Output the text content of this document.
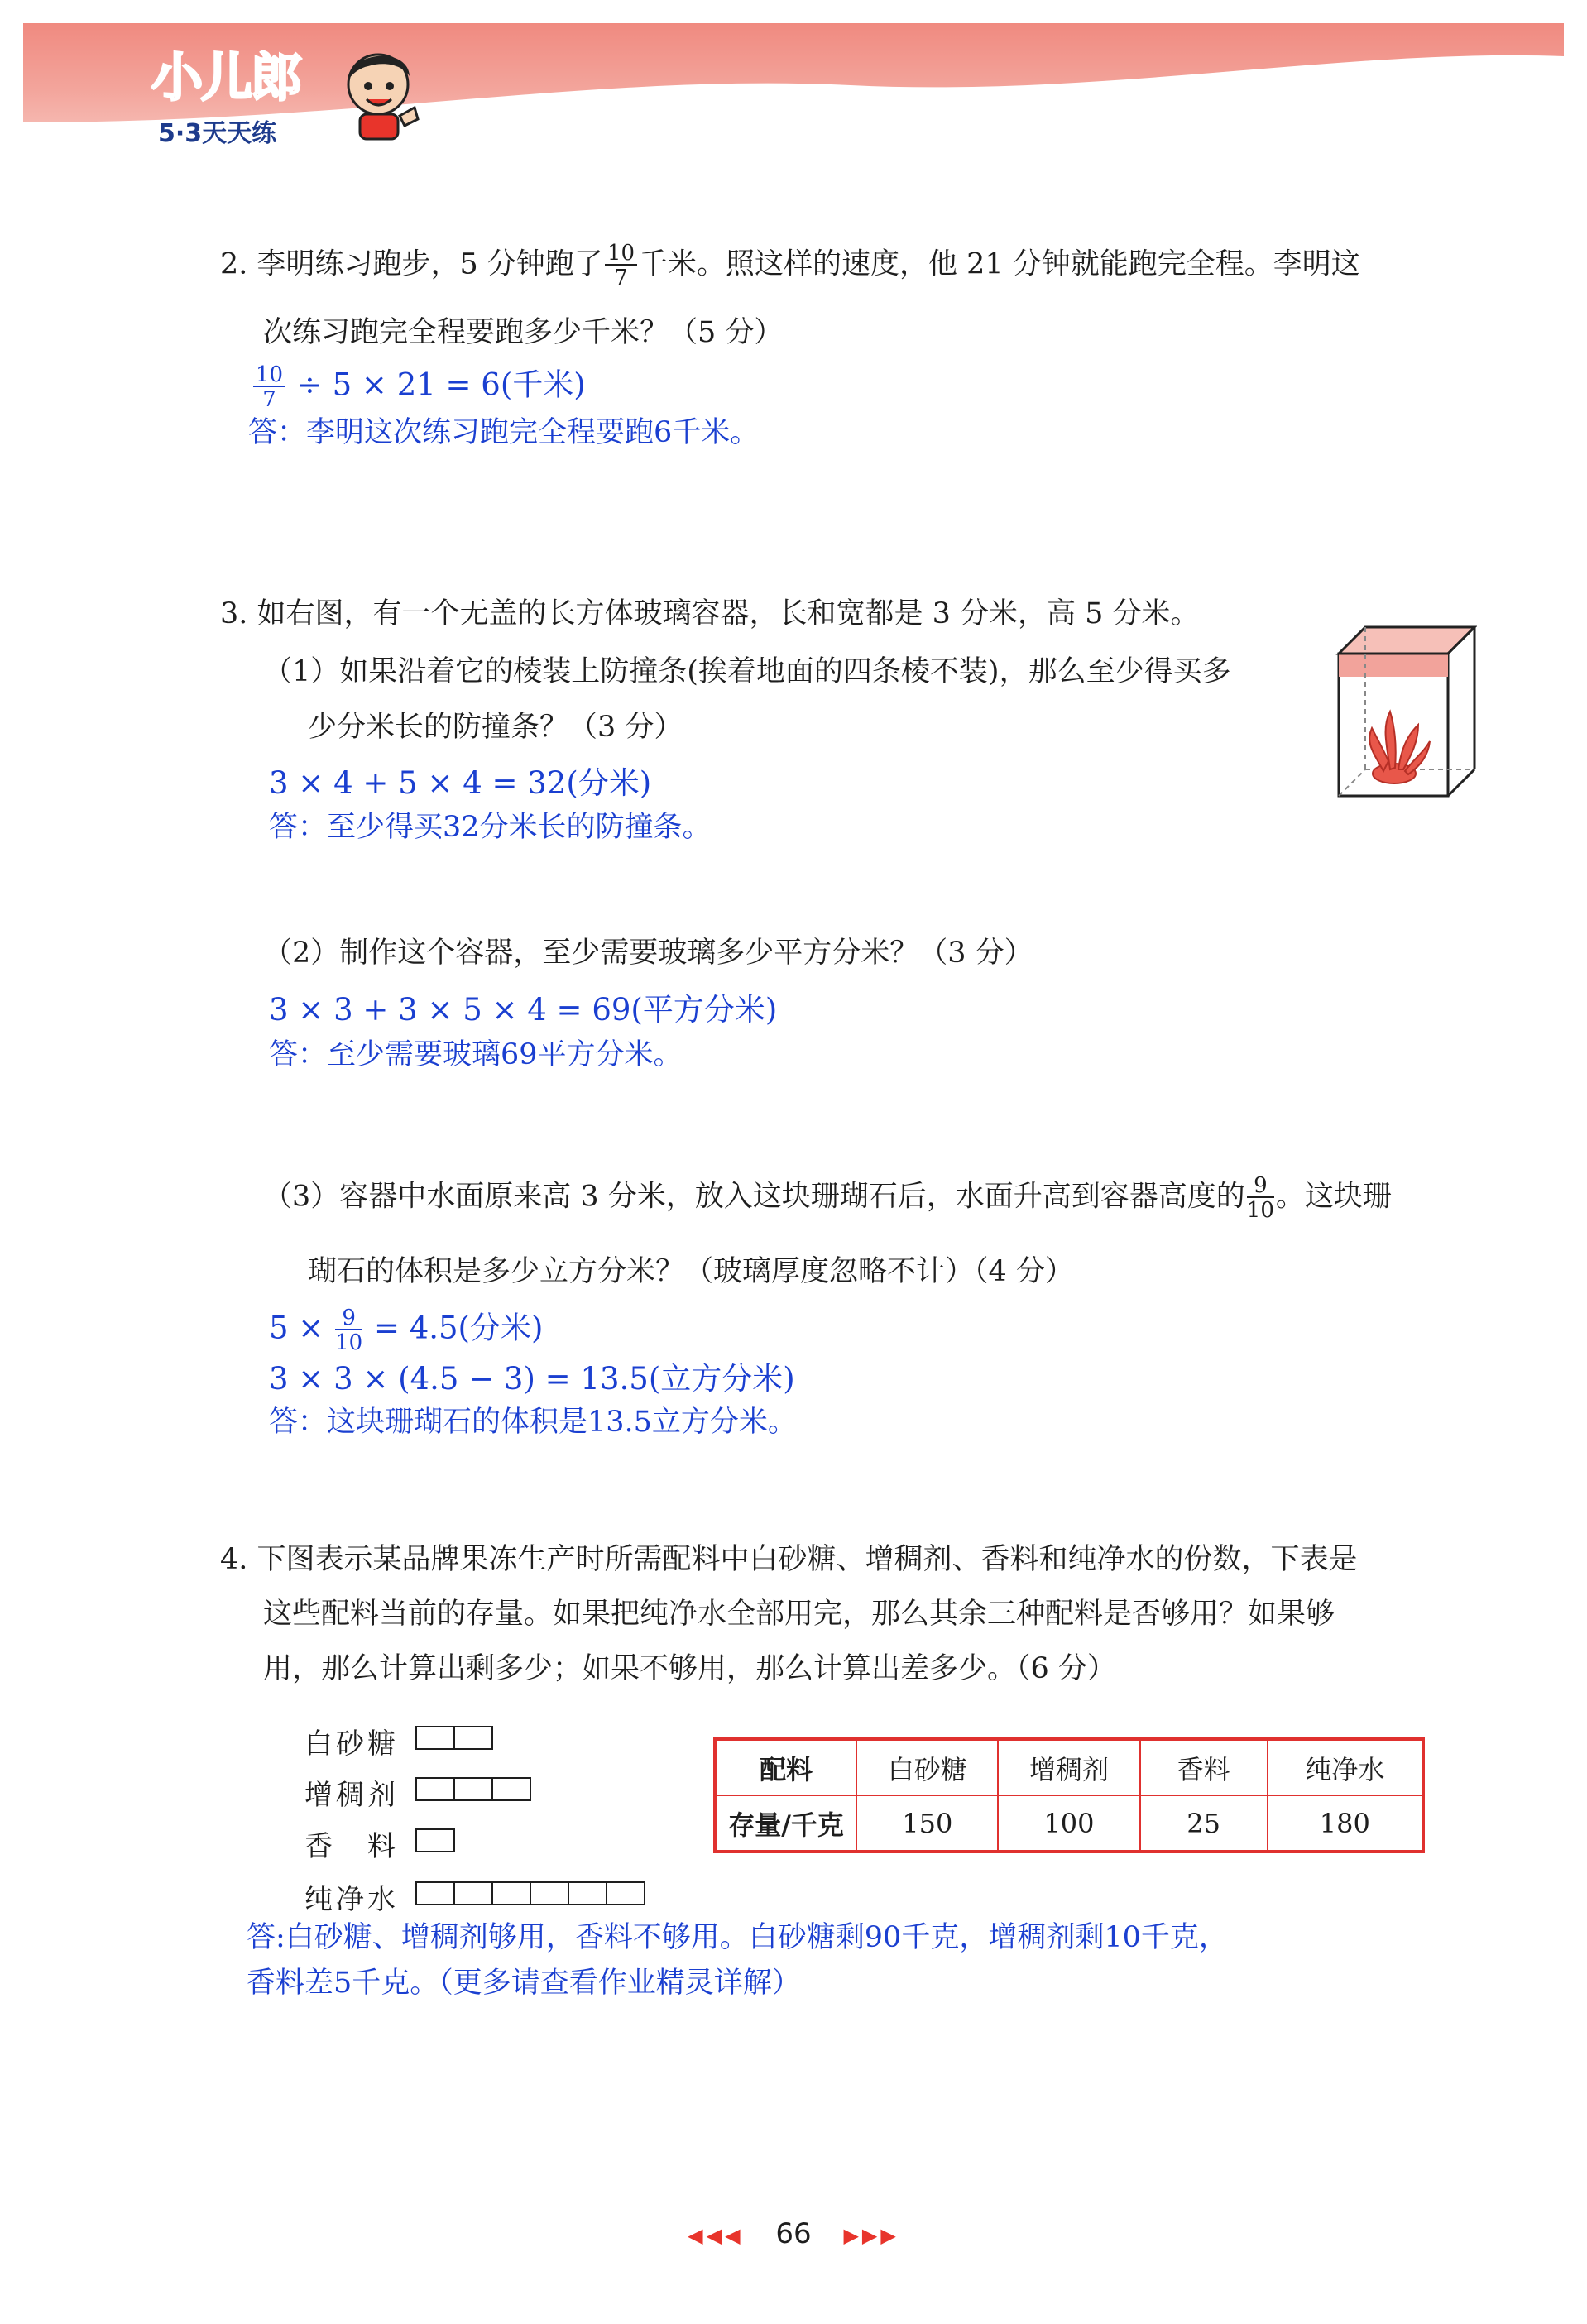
小儿郎
5·3天天练
2. 李明练习跑步，5 分钟跑了 $\frac{10}{7}$ 千米。照这样的速度，他 21 分钟就能跑完全程。李明这
次练习跑完全程要跑多少千米？（5 分）
$\frac{10}{7} \div 5 \times 21 = 6$(千米)
答：李明这次练习跑完全程要跑6千米。
3. 如右图，有一个无盖的长方体玻璃容器，长和宽都是 3 分米，高 5 分米。
（1）如果沿着它的棱装上防撞条(挨着地面的四条棱不装)，那么至少得买多
少分米长的防撞条？（3 分）
3 × 4 + 5 × 4 = 32(分米)
答：至少得买32分米长的防撞条。
（2）制作这个容器，至少需要玻璃多少平方分米？（3 分）
3 × 3 + 3 × 5 × 4 = 69(平方分米)
答：至少需要玻璃69平方分米。
（3）容器中水面原来高 3 分米，放入这块珊瑚石后，水面升高到容器高度的 $\frac{9}{10}$ 。这块珊
瑚石的体积是多少立方分米？（玻璃厚度忽略不计）（4 分）
$5 \times \frac{9}{10} = 4.5$(分米)
3 × 3 × (4.5 − 3) = 13.5(立方分米)
答：这块珊瑚石的体积是13.5立方分米。
4. 下图表示某品牌果冻生产时所需配料中白砂糖、增稠剂、香料和纯净水的份数，下表是
这些配料当前的存量。如果把纯净水全部用完，那么其余三种配料是否够用？如果够
用，那么计算出剩多少；如果不够用，那么计算出差多少。（6 分）
白砂糖
增稠剂
香　料
纯净水
配料	白砂糖	增稠剂	香料	纯净水
存量/千克	150	100	25	180
答:白砂糖、增稠剂够用，香料不够用。白砂糖剩90千克，增稠剂剩10千克，
香料差5千克。（更多请查看作业精灵详解）
◀◀◀ 66 ▶▶▶
